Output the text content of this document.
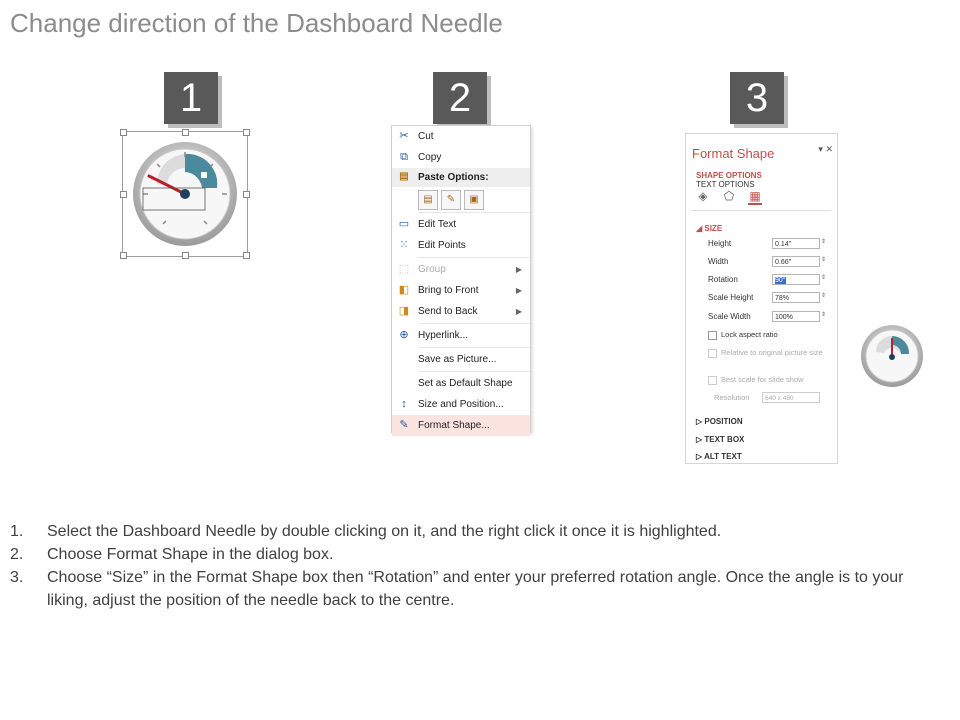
Change direction of the Dashboard Needle
1	2	3
✂ Cut
⧉	Copy
▤ Paste Options:
▤ ✎ ▣
▭ Edit Text
⁙ Edit Points
⬚ Group	▶
◧ Bring to Front	▶
◨ Send to Back	▶
⊕ Hyperlink...
Save as Picture...
Set as Default Shape
↕	Size and Position...
✎ Format Shape...
Format Shape	▾ ✕
SHAPE OPTIONS TEXT OPTIONS
◈ ⬠ ▦
◢ SIZE
Height	0.14"	⇕
Width	0.66"	⇕
Rotation	90°	⇕
Scale Height	78%	⇕
Scale Width	100%	⇕
Lock aspect ratio
Relative to original picture size
Best scale for slide show
Resolution	640 x 480
▷ POSITION
▷ TEXT BOX
▷ ALT TEXT
1. Select the Dashboard Needle by double clicking on it, and the right click it once it is highlighted.
2. Choose Format Shape in the dialog box.
3. Choose “Size” in the Format Shape box then “Rotation” and enter your preferred rotation angle. Once the angle is to your liking, adjust the position of the needle back to the centre.
